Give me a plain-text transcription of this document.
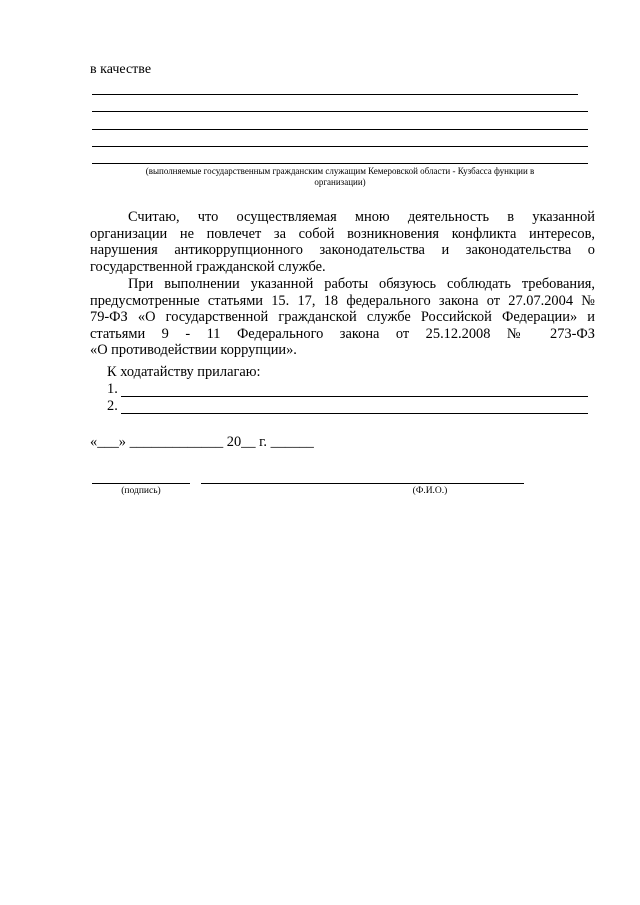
в качестве
(выполняемые государственным гражданским служащим Кемеровской области - Кузбасса функции в
организации)
Считаю, что осуществляемая мною деятельность в указанной
организации не повлечет за собой возникновения конфликта интересов,
нарушения антикоррупционного законодательства и законодательства о
государственной гражданской службе.
При выполнении указанной работы обязуюсь соблюдать требования,
предусмотренные статьями 15. 17, 18 федерального закона от 27.07.2004 №
79-ФЗ «О государственной гражданской службе Российской Федерации» и
статьями 9 - 11 Федерального закона от 25.12.2008 № 273-ФЗ
«О противодействии коррупции».
К ходатайству прилагаю:
1.
2.
«___» _____________ 20__ г. ______
(подпись)	(Ф.И.О.)
